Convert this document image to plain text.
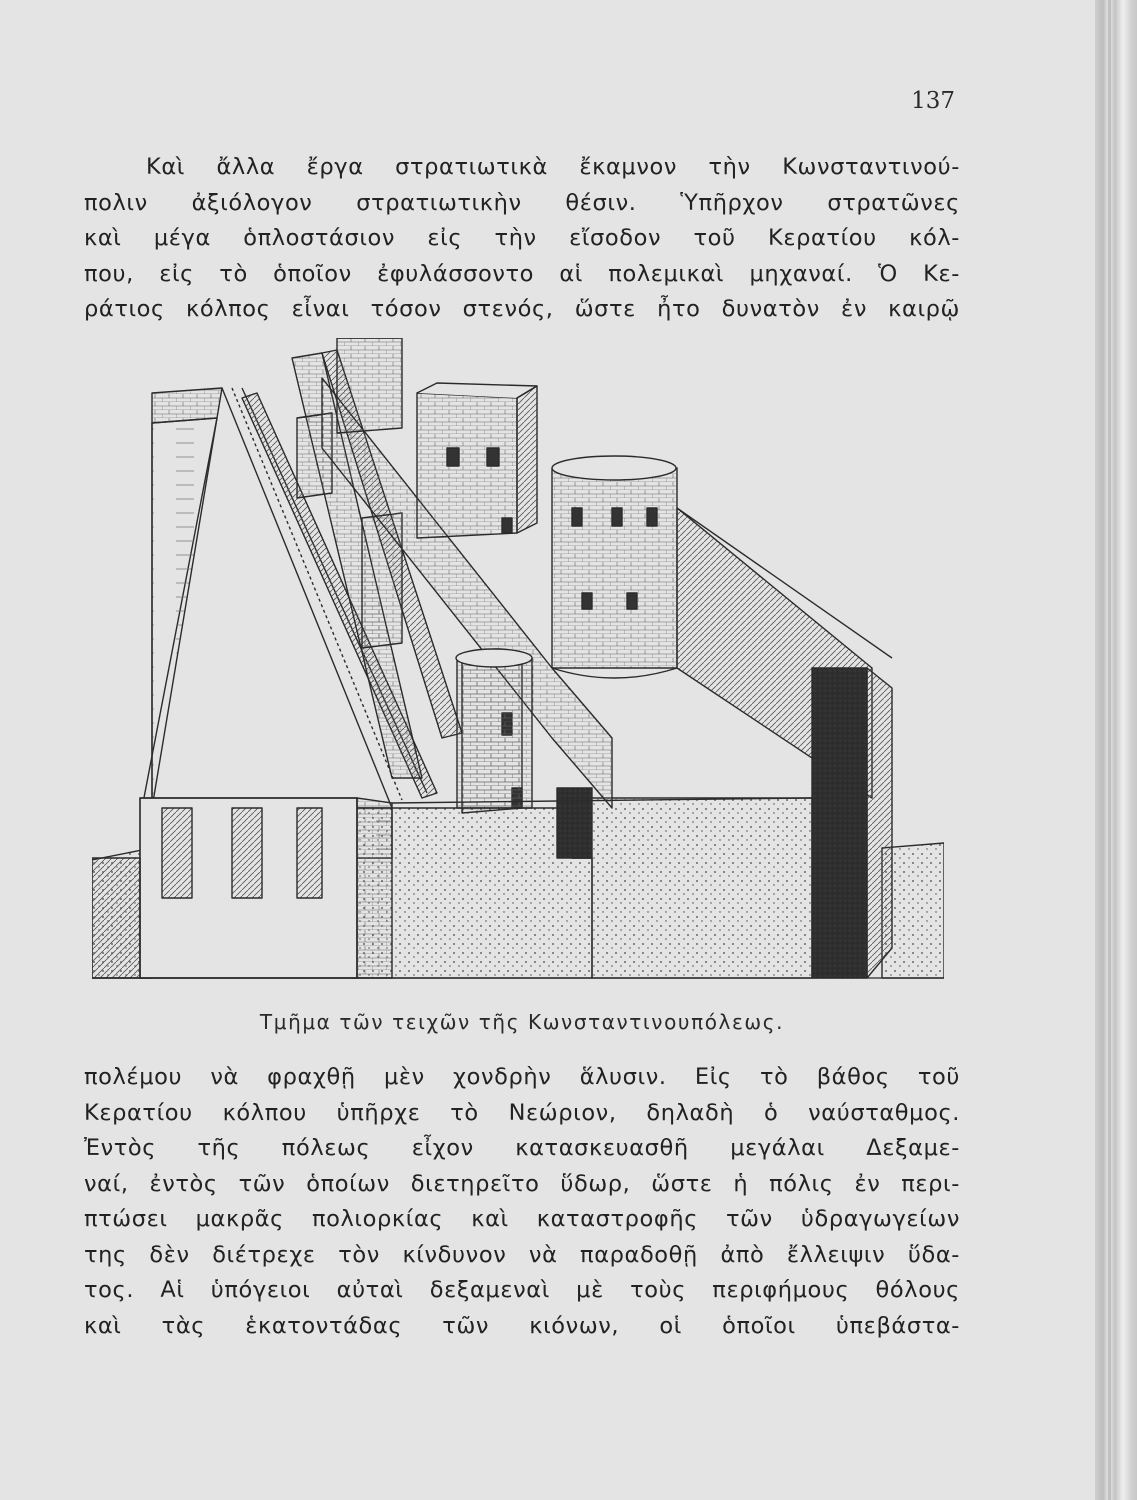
137
Καὶ ἄλλα ἔργα στρατιωτικὰ ἔκαμνον τὴν Κωνσταντινού-
πολιν ἀξιόλογον στρατιωτικὴν θέσιν. Ὑπῆρχον στρατῶνες
καὶ μέγα ὁπλοστάσιον εἰς τὴν εἴσοδον τοῦ Κερατίου κόλ-
που, εἰς τὸ ὁποῖον ἐφυλάσσοντο αἱ πολεμικαὶ μηχαναί. Ὁ Κε-
ράτιος κόλπος εἶναι τόσον στενός, ὥστε ἦτο δυνατὸν ἐν καιρῷ
Τμῆμα τῶν τειχῶν τῆς Κωνσταντινουπόλεως.
πολέμου νὰ φραχθῇ μὲν χονδρὴν ἅλυσιν. Εἰς τὸ βάθος τοῦ
Κερατίου κόλπου ὑπῆρχε τὸ Νεώριον, δηλαδὴ ὁ ναύσταθμος.
Ἐντὸς τῆς πόλεως εἶχον κατασκευασθῆ μεγάλαι Δεξαμε-
ναί, ἐντὸς τῶν ὁποίων διετηρεῖτο ὕδωρ, ὥστε ἡ πόλις ἐν περι-
πτώσει μακρᾶς πολιορκίας καὶ καταστροφῆς τῶν ὑδραγωγείων
της δὲν διέτρεχε τὸν κίνδυνον νὰ παραδοθῇ ἀπὸ ἔλλειψιν ὕδα-
τος. Αἱ ὑπόγειοι αὐταὶ δεξαμεναὶ μὲ τοὺς περιφήμους θόλους
καὶ τὰς ἑκατοντάδας τῶν κιόνων, οἱ ὁποῖοι ὑπεβάστα-
